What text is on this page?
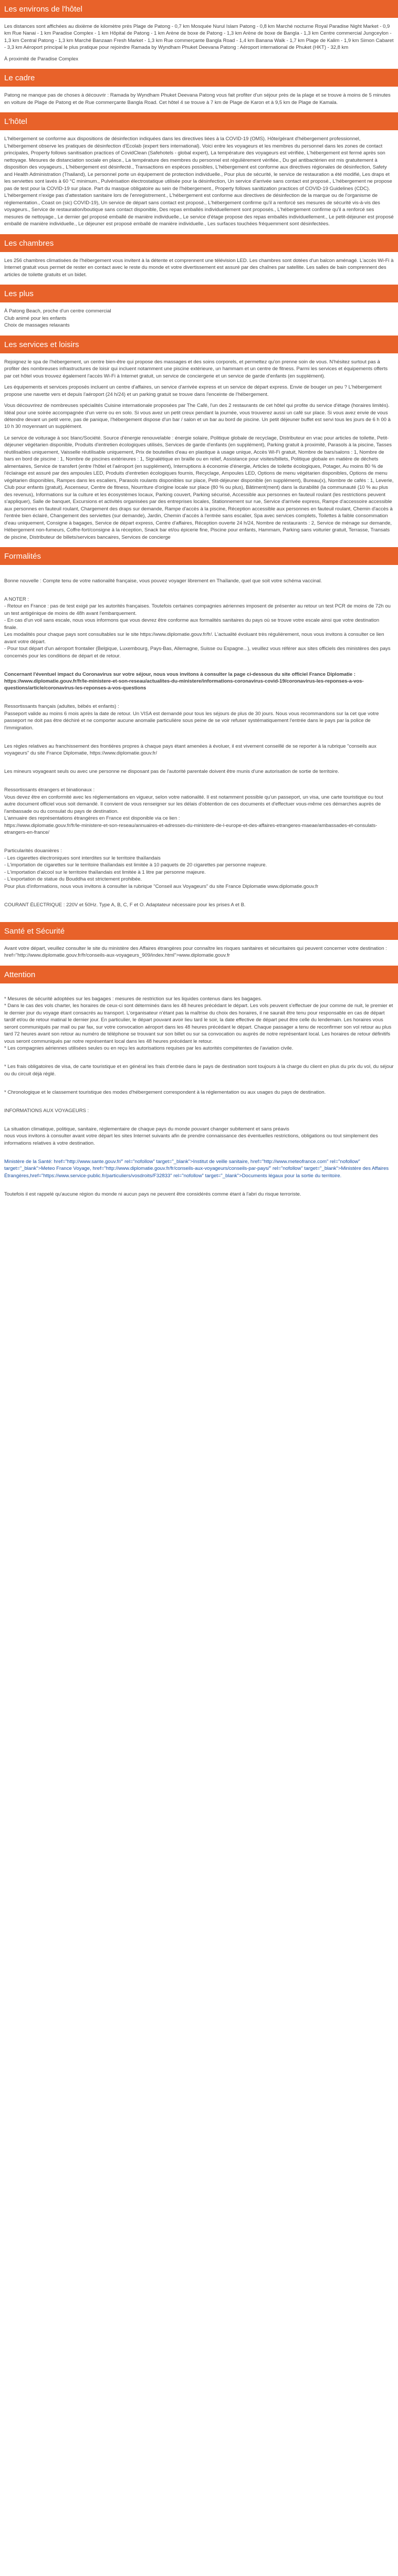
Les environs de l'hôtel

Les distances sont affichées au dixième de kilomètre près Plage de Patong - 0,7 km Mosquée Nurul Islam Patong - 0,8 km Marché nocturne Royal Paradise Night Market - 0,9 km Rue Nanai - 1 km Paradise Complex - 1 km Hôpital de Patong - 1 km Arène de boxe de Patong - 1,3 km Arène de boxe de Bangla - 1,3 km Centre commercial Jungceylon - 1,3 km Central Patong - 1,3 km Marché Banzaan Fresh Market - 1,3 km Rue commerçante Bangla Road - 1,4 km Banana Walk - 1,7 km Plage de Kalim - 1,9 km Simon Cabaret - 3,3 km Aéroport principal le plus pratique pour rejoindre Ramada by Wyndham Phuket Deevana Patong : Aéroport international de Phuket (HKT) - 32,8 km

À proximité de Paradise Complex

Le cadre

Patong ne manque pas de choses à découvrir : Ramada by Wyndham Phuket Deevana Patong vous fait profiter d'un séjour près de la plage et se trouve à moins de 5 minutes en voiture de Plage de Patong et de Rue commerçante Bangla Road. Cet hôtel 4 se trouve à 7 km de Plage de Karon et à 9,5 km de Plage de Kamala.

L'hôtel

L'hébergement se conforme aux dispositions de désinfection indiquées dans les directives liées à la COVID-19 (OMS). Hôte/gérant d'hébergement professionnel, L'hébergement observe les pratiques de désinfection d'Ecolab (expert tiers international). Voici entre les voyageurs et les membres du personnel dans les zones de contact principales, Property follows sanitisation practices of CovidClean (Safehotels - global expert), La température des voyageurs est vérifiée, L'hébergement est fermé après son nettoyage. Mesures de distanciation sociale en place., La température des membres du personnel est régulièrement vérifiée., Du gel antibactérien est mis gratuitement à disposition des voyageurs., L'hébergement est désinfecté., Transactions en espèces possibles, L'hébergement est conforme aux directives régionales de désinfection, Safety and Health Administration (Thailand), Le personnel porte un équipement de protection individuelle., Pour plus de sécurité, le service de restauration a été modifié, Les draps et les serviettes sont lavés à 60 °C minimum., Pulvérisation électrostatique utilisée pour la désinfection, Un service d'arrivée sans contact est proposé., L'hébergement ne propose pas de test pour la COVID-19 sur place. Part du masque obligatoire au sein de l'hébergement., Property follows sanitization practices of COVID-19 Guidelines (CDC). L'hébergement n'exige pas d'attestation sanitaire lors de l'enregistrement., L'hébergement est conforme aux directives de désinfection de la marque ou de l'organisme de réglementation., Coast on (sic) COVID-19), Un service de départ sans contact est proposé., L'hébergement confirme qu'il a renforcé ses mesures de sécurité vis-à-vis des voyageurs., Service de restauration/boutique sans contact disponible, Des repas emballés individuellement sont proposés., L'hébergement confirme qu'il a renforcé ses mesures de nettoyage., Le dernier gel proposé emballé de manière individuelle., Le service d'étage propose des repas emballés individuellement., Le petit-déjeuner est proposé emballé de manière individuelle., Le déjeuner est proposé emballé de manière individuelle., Les surfaces touchées fréquemment sont désinfectées.

Les chambres

Les 256 chambres climatisées de l'hébergement vous invitent à la détente et comprennent une télévision LED. Les chambres sont dotées d'un balcon aménagé. L'accès Wi-Fi à Internet gratuit vous permet de rester en contact avec le reste du monde et votre divertissement est assuré par des chaînes par satellite. Les salles de bain comprennent des articles de toilette gratuits et un bidet.

Les plus

À Patong Beach, proche d'un centre commercial
Club animé pour les enfants
Choix de massages relaxants

Les services et loisirs

Rejoignez le spa de l'hébergement, un centre bien-être qui propose des massages et des soins corporels, et permettez qu'on prenne soin de vous. N'hésitez surtout pas à profiter des nombreuses infrastructures de loisir qui incluent notamment une piscine extérieure, un hammam et un centre de fitness. Parmi les services et équipements offerts par cet hôtel vous trouvez également l'accès Wi-Fi à Internet gratuit, un service de conciergerie et un service de garde d'enfants (en supplément).

Les équipements et services proposés incluent un centre d'affaires, un service d'arrivée express et un service de départ express. Envie de bouger un peu ? L'hébergement propose une navette vers et depuis l'aéroport (24 h/24) et un parking gratuit se trouve dans l'enceinte de l'hébergement.

Vous découvrirez de nombreuses spécialités Cuisine internationale proposées par The Café, l'un des 2 restaurants de cet hôtel qui profite du service d'étage (horaires limités). Idéal pour une soirée accompagnée d'un verre ou en solo. Si vous avez un petit creux pendant la journée, vous trouverez aussi un café sur place. Si vous avez envie de vous détendre devant un petit verre, pas de panique, l'hébergement dispose d'un bar / salon et un bar au bord de piscine. Un petit déjeuner buffet est servi tous les jours de 6 h 00 à 10 h 30 moyennant un supplément.

Le service de voiturage à soc blanc/Société. Source d'énergie renouvelable : énergie solaire, Politique globale de recyclage, Distributeur en vrac pour articles de toilette, Petit-déjeuner végétarien disponible, Produits d'entretien écologiques utilisés, Services de garde d'enfants (en supplément), Parking gratuit à proximité, Parasols à la piscine, Tasses réutilisables uniquement, Vaisselle réutilisable uniquement, Prix de bouteilles d'eau en plastique à usage unique, Accès Wi-Fi gratuit, Nombre de bars/salons : 1, Nombre de bars en bord de piscine : 1, Nombre de piscines extérieures : 1, Signalétique en braille ou en relief, Assistance pour visites/billets, Politique globale en matière de déchets alimentaires, Service de transfert (entre l'hôtel et l'aéroport (en supplément), Interruptions à économie d'énergie, Articles de toilette écologiques, Potager, Au moins 80 % de l'éclairage est assuré par des ampoules LED, Produits d'entretien écologiques fournis, Recyclage, Ampoules LED, Options de menu végétarien disponibles, Options de menu végétarien disponibles, Rampes dans les escaliers, Parasols roulants disponibles sur place, Petit-déjeuner disponible (en supplément), Bureau(x), Nombre de cafés : 1, Leverie, Club pour enfants (gratuit), Ascenseur, Centre de fitness, Nourriture d'origine locale sur place (80 % ou plus), Bâtiment(ment) dans la durabilité (la communauté (10 % au plus des revenus), Informations sur la culture et les écosystèmes locaux, Parking couvert, Parking sécurisé, Accessible aux personnes en fauteuil roulant (les restrictions peuvent s'appliquer), Salle de banquet, Excursions et activités organisées par des entreprises locales, Stationnement sur rue, Service d'arrivée express, Rampe d'accessoire accessible aux personnes en fauteuil roulant, Chargement des draps sur demande, Rampe d'accès à la piscine, Réception accessible aux personnes en fauteuil roulant, Chemin d'accès à l'entrée bien éclairé, Changement des serviettes (sur demande), Jardin, Chemin d'accès à l'entrée sans escalier, Spa avec services complets, Toilettes à faible consommation d'eau uniquement, Consigne à bagages, Service de départ express, Centre d'affaires, Réception ouverte 24 h/24, Nombre de restaurants : 2, Service de ménage sur demande, Hébergement non-fumeurs, Coffre-fort/consigne à la réception, Snack bar et/ou épicerie fine, Piscine pour enfants, Hammam, Parking sans voiturier gratuit, Terrasse, Transats de piscine, Distributeur de billets/services bancaires, Services de concierge

Formalités

Bonne nouvelle : Compte tenu de votre nationalité française, vous pouvez voyager librement en Thaïlande, quel que soit votre schéma vaccinal.

A NOTER :
- Retour en France : pas de test exigé par les autorités françaises. Toutefois certaines compagnies aériennes imposent de présenter au retour un test PCR de moins de 72h ou un test antigénique de moins de 48h avant l'embarquement.
- En cas d'un voil sans escale, nous vous informons que vous devrez être conforme aux formalités sanitaires du pays où se trouve votre escale ainsi que votre destination finale.
Les modalités pour chaque pays sont consultables sur le site https://www.diplomatie.gouv.fr/fr/. L'actualité évoluant très régulièrement, nous vous invitons à consulter ce lien avant votre départ.
- Pour tout départ d'un aéroport frontalier (Belgique, Luxembourg, Pays-Bas, Allemagne, Suisse ou Espagne...), veuillez vous référer aux sites officiels des ministères des pays concernés pour les conditions de départ et de retour.

Concernant l'éventuel impact du Coronavirus sur votre séjour, nous vous invitons à consulter la page ci-dessous du site officiel France Diplomatie :
https://www.diplomatie.gouv.fr/fr/le-ministere-et-son-reseau/actualites-du-ministere/informations-coronavirus-covid-19/coronavirus-les-reponses-a-vos-questions/article/coronavirus-les-reponses-a-vos-questions

Ressortissants français (adultes, bébés et enfants) :
Passeport valide au moins 6 mois après la date de retour. Un VISA est demandé pour tous les séjours de plus de 30 jours. Nous vous recommandons sur la cet que votre passeport ne doit pas être déchiré et ne comporter aucune anomalie particulière sous peine de se voir refuser systématiquement l'entrée dans le pays par la police de l'immigration.

Les règles relatives au franchissement des frontières propres à chaque pays étant amenées à évoluer, il est vivement conseillé de se reporter à la rubrique "conseils aux voyageurs" du site France Diplomatie, https://www.diplomatie.gouv.fr/

Les mineurs voyageant seuls ou avec une personne ne disposant pas de l'autorité parentale doivent être munis d'une autorisation de sortie de territoire.

Ressortissants étrangers et binationaux :
Vous devez être en conformité avec les réglementations en vigueur, selon votre nationalité. Il est notamment possible qu'un passeport, un visa, une carte touristique ou tout autre document officiel vous soit demandé. Il convient de vous renseigner sur les délais d'obtention de ces documents et d'effectuer vous-même ces démarches auprès de l'ambassade ou du consulat du pays de destination.
L'annuaire des représentations étrangères en France est disponible via ce lien :
https://www.diplomatie.gouv.fr/fr/le-ministere-et-son-reseau/annuaires-et-adresses-du-ministere-de-l-europe-et-des-affaires-etrangeres-maeae/ambassades-et-consulats-etrangers-en-france/

Particularités douanières :
- Les cigarettes électroniques sont interdites sur le territoire thaïlandais
- L'importation de cigarettes sur le territoire thaïlandais est limitée à 10 paquets de 20 cigarettes par personne majeure.
- L'importation d'alcool sur le territoire thaïlandais est limitée à 1 litre par personne majeure.
- L'exportation de statue du Bouddha est strictement prohibée.
Pour plus d'informations, nous vous invitons à consulter la rubrique "Conseil aux Voyageurs" du site France Diplomatie www.diplomatie.gouv.fr

COURANT ÉLECTRIQUE : 220V et 50Hz. Type A, B, C, F et O. Adaptateur nécessaire pour les prises A et B.

Santé et Sécurité

Avant votre départ, veuillez consulter le site du ministère des Affaires étrangères pour connaître les risques sanitaires et sécuritaires qui peuvent concerner votre destination : href="http://www.diplomatie.gouv.fr/fr/conseils-aux-voyageurs_909/index.html">www.diplomatie.gouv.fr

Attention

* Mesures de sécurité adoptées sur les bagages : mesures de restriction sur les liquides contenus dans les bagages.
* Dans le cas des vols charter, les horaires de ceux-ci sont déterminés dans les 48 heures précédant le départ. Les vols peuvent s'effectuer de jour comme de nuit, le premier et le dernier jour du voyage étant consacrés au transport. L'organisateur n'étant pas la maîtrise du choix des horaires, il ne saurait être tenu pour responsable en cas de départ tardif et/ou de retour matinal le dernier jour. En particulier, le départ pouvant avoir lieu tard le soir, la date effective de départ peut être celle du lendemain. Les horaires vous seront communiqués par mail ou par fax, sur votre convocation aéroport dans les 48 heures précédant le départ. Chaque passager a tenu de reconfirmer son vol retour au plus tard 72 heures avant son retour au numéro de téléphone se trouvant sur son billet ou sur sa convocation ou auprès de notre représentant local. Les horaires de retour définitifs vous seront communiqués par notre représentant local dans les 48 heures précédant le retour.
* Les compagnies aériennes utilisées seules ou en reçu les autorisations requises par les autorités compétentes de l'aviation civile.

* Les frais obligatoires de visa, de carte touristique et en général les frais d'entrée dans le pays de destination sont toujours à la charge du client en plus du prix du vol, du séjour ou du circuit déjà réglé.

* Chronologique et le classement touristique des modes d'hébergement correspondent à la réglementation ou aux usages du pays de destination.

INFORMATIONS AUX VOYAGEURS :

La situation climatique, politique, sanitaire, réglementaire de chaque pays du monde pouvant changer subitement et sans préavis
nous vous invitons à consulter avant votre départ les sites Internet suivants afin de prendre connaissance des éventuelles restrictions, obligations ou tout simplement des informations relatives à votre destination.

Ministère de la Santé: href="http://www.sante.gouv.fr/" rel="nofollow" target="_blank">Institut de veille sanitaire, href="http://www.meteofrance.com" rel="nofollow" target="_blank">Meteo France Voyage, href="http://www.diplomatie.gouv.fr/fr/conseils-aux-voyageurs/conseils-par-pays/" rel="nofollow" target="_blank">Ministère des Affaires Étrangères,href="https://www.service-public.fr/particuliers/vosdroits/F32833" rel="nofollow" target="_blank">Documents légaux pour la sortie du territoire.

Toutefois il est rappelé qu'aucune région du monde ni aucun pays ne peuvent être considérés comme étant à l'abri du risque terroriste.
